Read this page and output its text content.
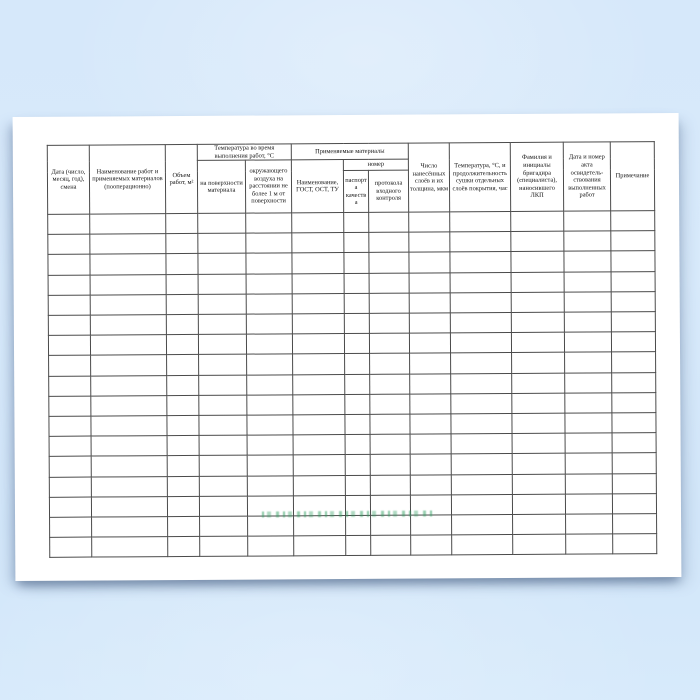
Дата (число, месяц, год), смена	Наименование работ и применяемых материалов (пооперационно)	Объем работ, м²	Температура во время выполнения работ, °С		Применяемые материалы			Число нанесённых слоёв и их толщина, мкм	Температура, °С, и продолжительность сушки отдельных слоёв покрытия, час	Фамилия и инициалы бригадира (специалиста), наносившего ЛКП	Дата и номер акта освидетель- ствования выполненных работ	Примечание
			на поверхности материала	окружающего воздуха на расстоянии не более 1 м от поверхности	Наименование, ГОСТ, ОСТ, ТУ	номер						
						паспорта качества	протокола входного контроля					
